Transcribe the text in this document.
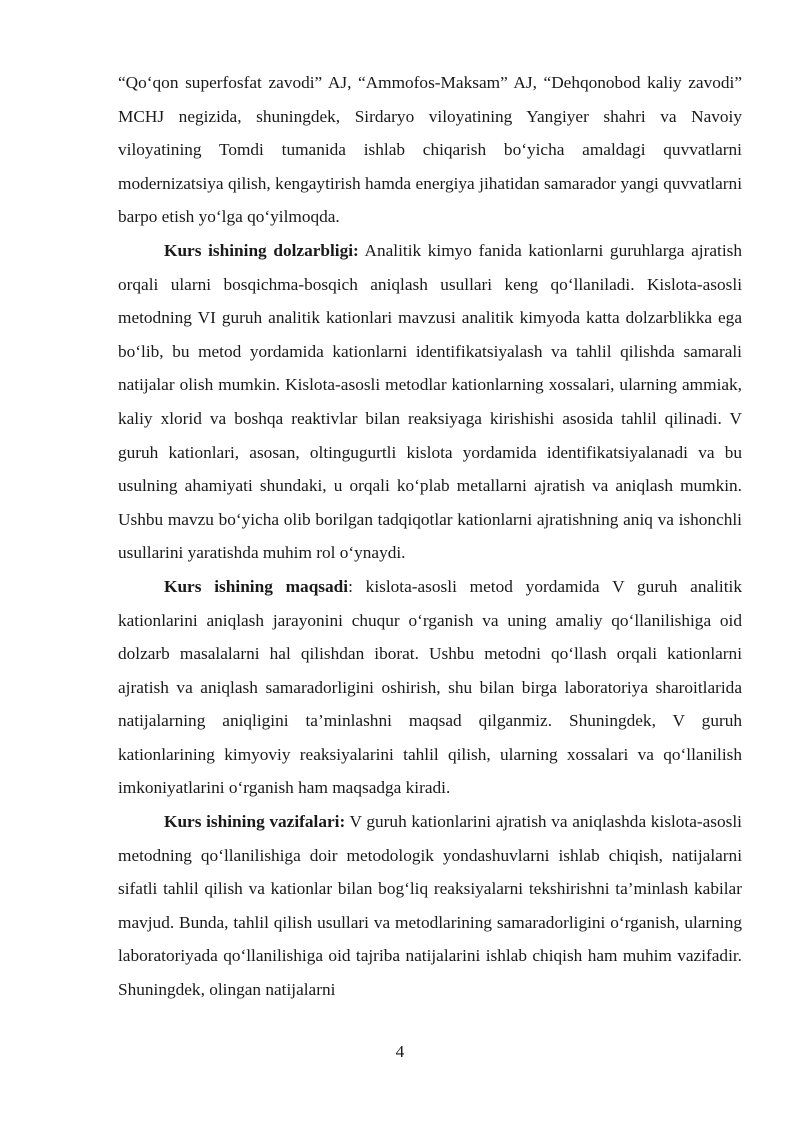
“Qo‘qon superfosfat zavodi” AJ, “Ammofos-Maksam” AJ, “Dehqonobod kaliy zavodi” MCHJ negizida, shuningdek, Sirdaryo viloyatining Yangiyer shahri va Navoiy viloyatining Tomdi tumanida ishlab chiqarish bo‘yicha amaldagi quvvatlarni modernizatsiya qilish, kengaytirish hamda energiya jihatidan samarador yangi quvvatlarni barpo etish yo‘lga qo‘yilmoqda.

Kurs ishining dolzarbligi: Analitik kimyo fanida kationlarni guruhlarga ajratish orqali ularni bosqichma-bosqich aniqlash usullari keng qo‘llaniladi. Kislota-asosli metodning VI guruh analitik kationlari mavzusi analitik kimyoda katta dolzarblikka ega bo‘lib, bu metod yordamida kationlarni identifikatsiyalash va tahlil qilishda samarali natijalar olish mumkin. Kislota-asosli metodlar kationlarning xossalari, ularning ammiak, kaliy xlorid va boshqa reaktivlar bilan reaksiyaga kirishishi asosida tahlil qilinadi. V guruh kationlari, asosan, oltingugurtli kislota yordamida identifikatsiyalanadi va bu usulning ahamiyati shundaki, u orqali ko‘plab metallarni ajratish va aniqlash mumkin. Ushbu mavzu bo‘yicha olib borilgan tadqiqotlar kationlarni ajratishning aniq va ishonchli usullarini yaratishda muhim rol o‘ynaydi.

Kurs ishining maqsadi: kislota-asosli metod yordamida V guruh analitik kationlarini aniqlash jarayonini chuqur o‘rganish va uning amaliy qo‘llanilishiga oid dolzarb masalalarni hal qilishdan iborat. Ushbu metodni qo‘llash orqali kationlarni ajratish va aniqlash samaradorligini oshirish, shu bilan birga laboratoriya sharoitlarida natijalarning aniqligini ta’minlashni maqsad qilganmiz. Shuningdek, V guruh kationlarining kimyoviy reaksiyalarini tahlil qilish, ularning xossalari va qo‘llanilish imkoniyatlarini o‘rganish ham maqsadga kiradi.

Kurs ishining vazifalari: V guruh kationlarini ajratish va aniqlashda kislota-asosli metodning qo‘llanilishiga doir metodologik yondashuvlarni ishlab chiqish, natijalarni sifatli tahlil qilish va kationlar bilan bog‘liq reaksiyalarni tekshirishni ta’minlash kabilar mavjud. Bunda, tahlil qilish usullari va metodlarining samaradorligini o‘rganish, ularning laboratoriyada qo‘llanilishiga oid tajriba natijalarini ishlab chiqish ham muhim vazifadir. Shuningdek, olingan natijalarni

4
